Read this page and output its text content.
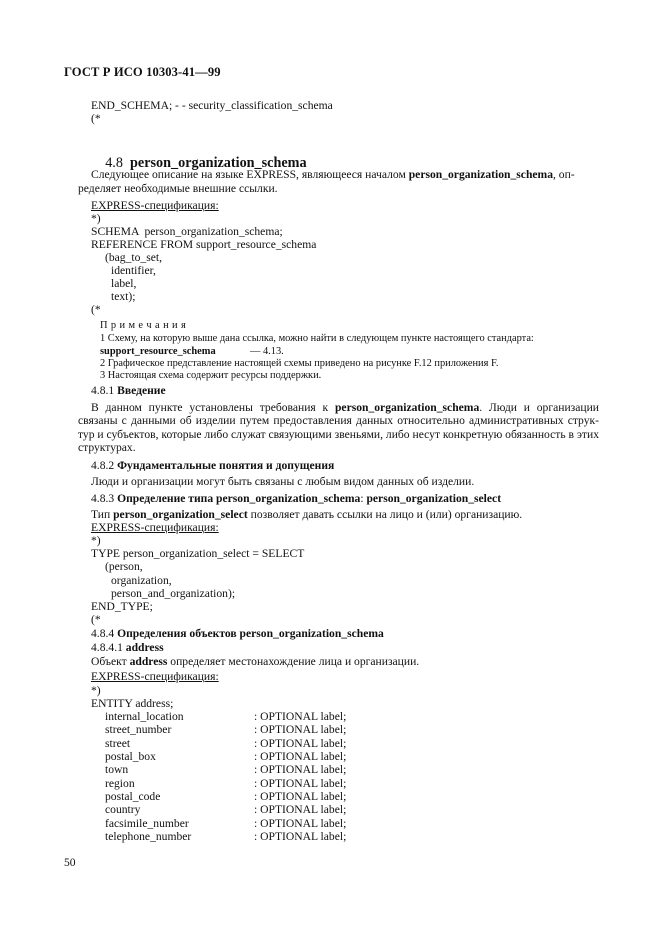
ГОСТ Р ИСО 10303-41—99
END_SCHEMA; - - security_classification_schema
(*

4.8 person_organization_schema

Следующее описание на языке EXPRESS, являющееся началом person_organization_schema, оп-
ределяет необходимые внешние ссылки.
EXPRESS-спецификация:
*)
SCHEMA  person_organization_schema;
REFERENCE FROM support_resource_schema
(bag_to_set,
identifier,
label,
text);
(*
П р и м е ч а н и я
1 Схему, на которую выше дана ссылка, можно найти в следующем пункте настоящего стандарта:
support_resource_schema	— 4.13.
2 Графическое представление настоящей схемы приведено на рисунке F.12 приложения F.
3 Настоящая схема содержит ресурсы поддержки.
4.8.1 Введение
В данном пункте установлены требования к person_organization_schema. Люди и организации связаны с данными об изделии путем предоставления данных относительно административных струк-тур и субъектов, которые либо служат связующими звеньями, либо несут конкретную обязанность в этих структурах.
4.8.2 Фундаментальные понятия и допущения
Люди и организации могут быть связаны с любым видом данных об изделии.
4.8.3 Определение типа person_organization_schema: person_organization_select
Тип person_organization_select позволяет давать ссылки на лицо и (или) организацию.
EXPRESS-спецификация:
*)
TYPE person_organization_select = SELECT
(person,
organization,
person_and_organization);
END_TYPE;
(*
4.8.4 Определения объектов person_organization_schema
4.8.4.1 address
Объект address определяет местонахождение лица и организации.
EXPRESS-спецификация:
*)
ENTITY address;
internal_location	: OPTIONAL label;
street_number	: OPTIONAL label;
street	: OPTIONAL label;
postal_box	: OPTIONAL label;
town	: OPTIONAL label;
region	: OPTIONAL label;
postal_code	: OPTIONAL label;
country	: OPTIONAL label;
facsimile_number	: OPTIONAL label;
telephone_number	: OPTIONAL label;
50
